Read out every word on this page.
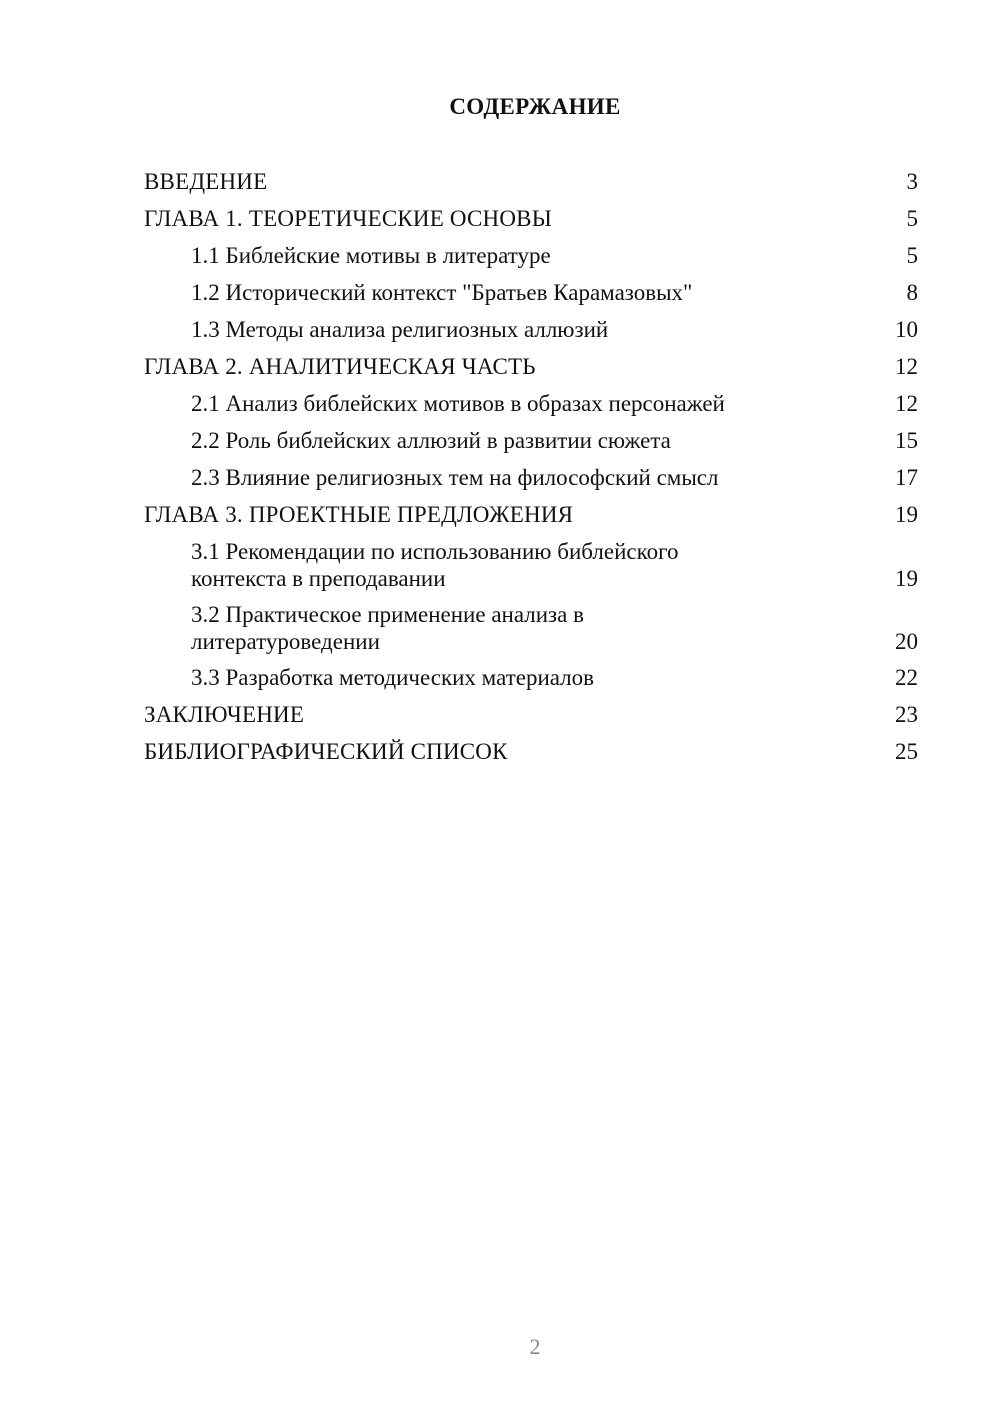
СОДЕРЖАНИЕ
ВВЕДЕНИЕ	3
ГЛАВА 1. ТЕОРЕТИЧЕСКИЕ ОСНОВЫ	5
1.1 Библейские мотивы в литературе	5
1.2 Исторический контекст "Братьев Карамазовых"	8
1.3 Методы анализа религиозных аллюзий	10
ГЛАВА 2. АНАЛИТИЧЕСКАЯ ЧАСТЬ	12
2.1 Анализ библейских мотивов в образах персонажей	12
2.2 Роль библейских аллюзий в развитии сюжета	15
2.3 Влияние религиозных тем на философский смысл	17
ГЛАВА 3. ПРОЕКТНЫЕ ПРЕДЛОЖЕНИЯ	19
3.1 Рекомендации по использованию библейского контекста в преподавании	19
3.2 Практическое применение анализа в литературоведении	20
3.3 Разработка методических материалов	22
ЗАКЛЮЧЕНИЕ	23
БИБЛИОГРАФИЧЕСКИЙ СПИСОК	25
2
